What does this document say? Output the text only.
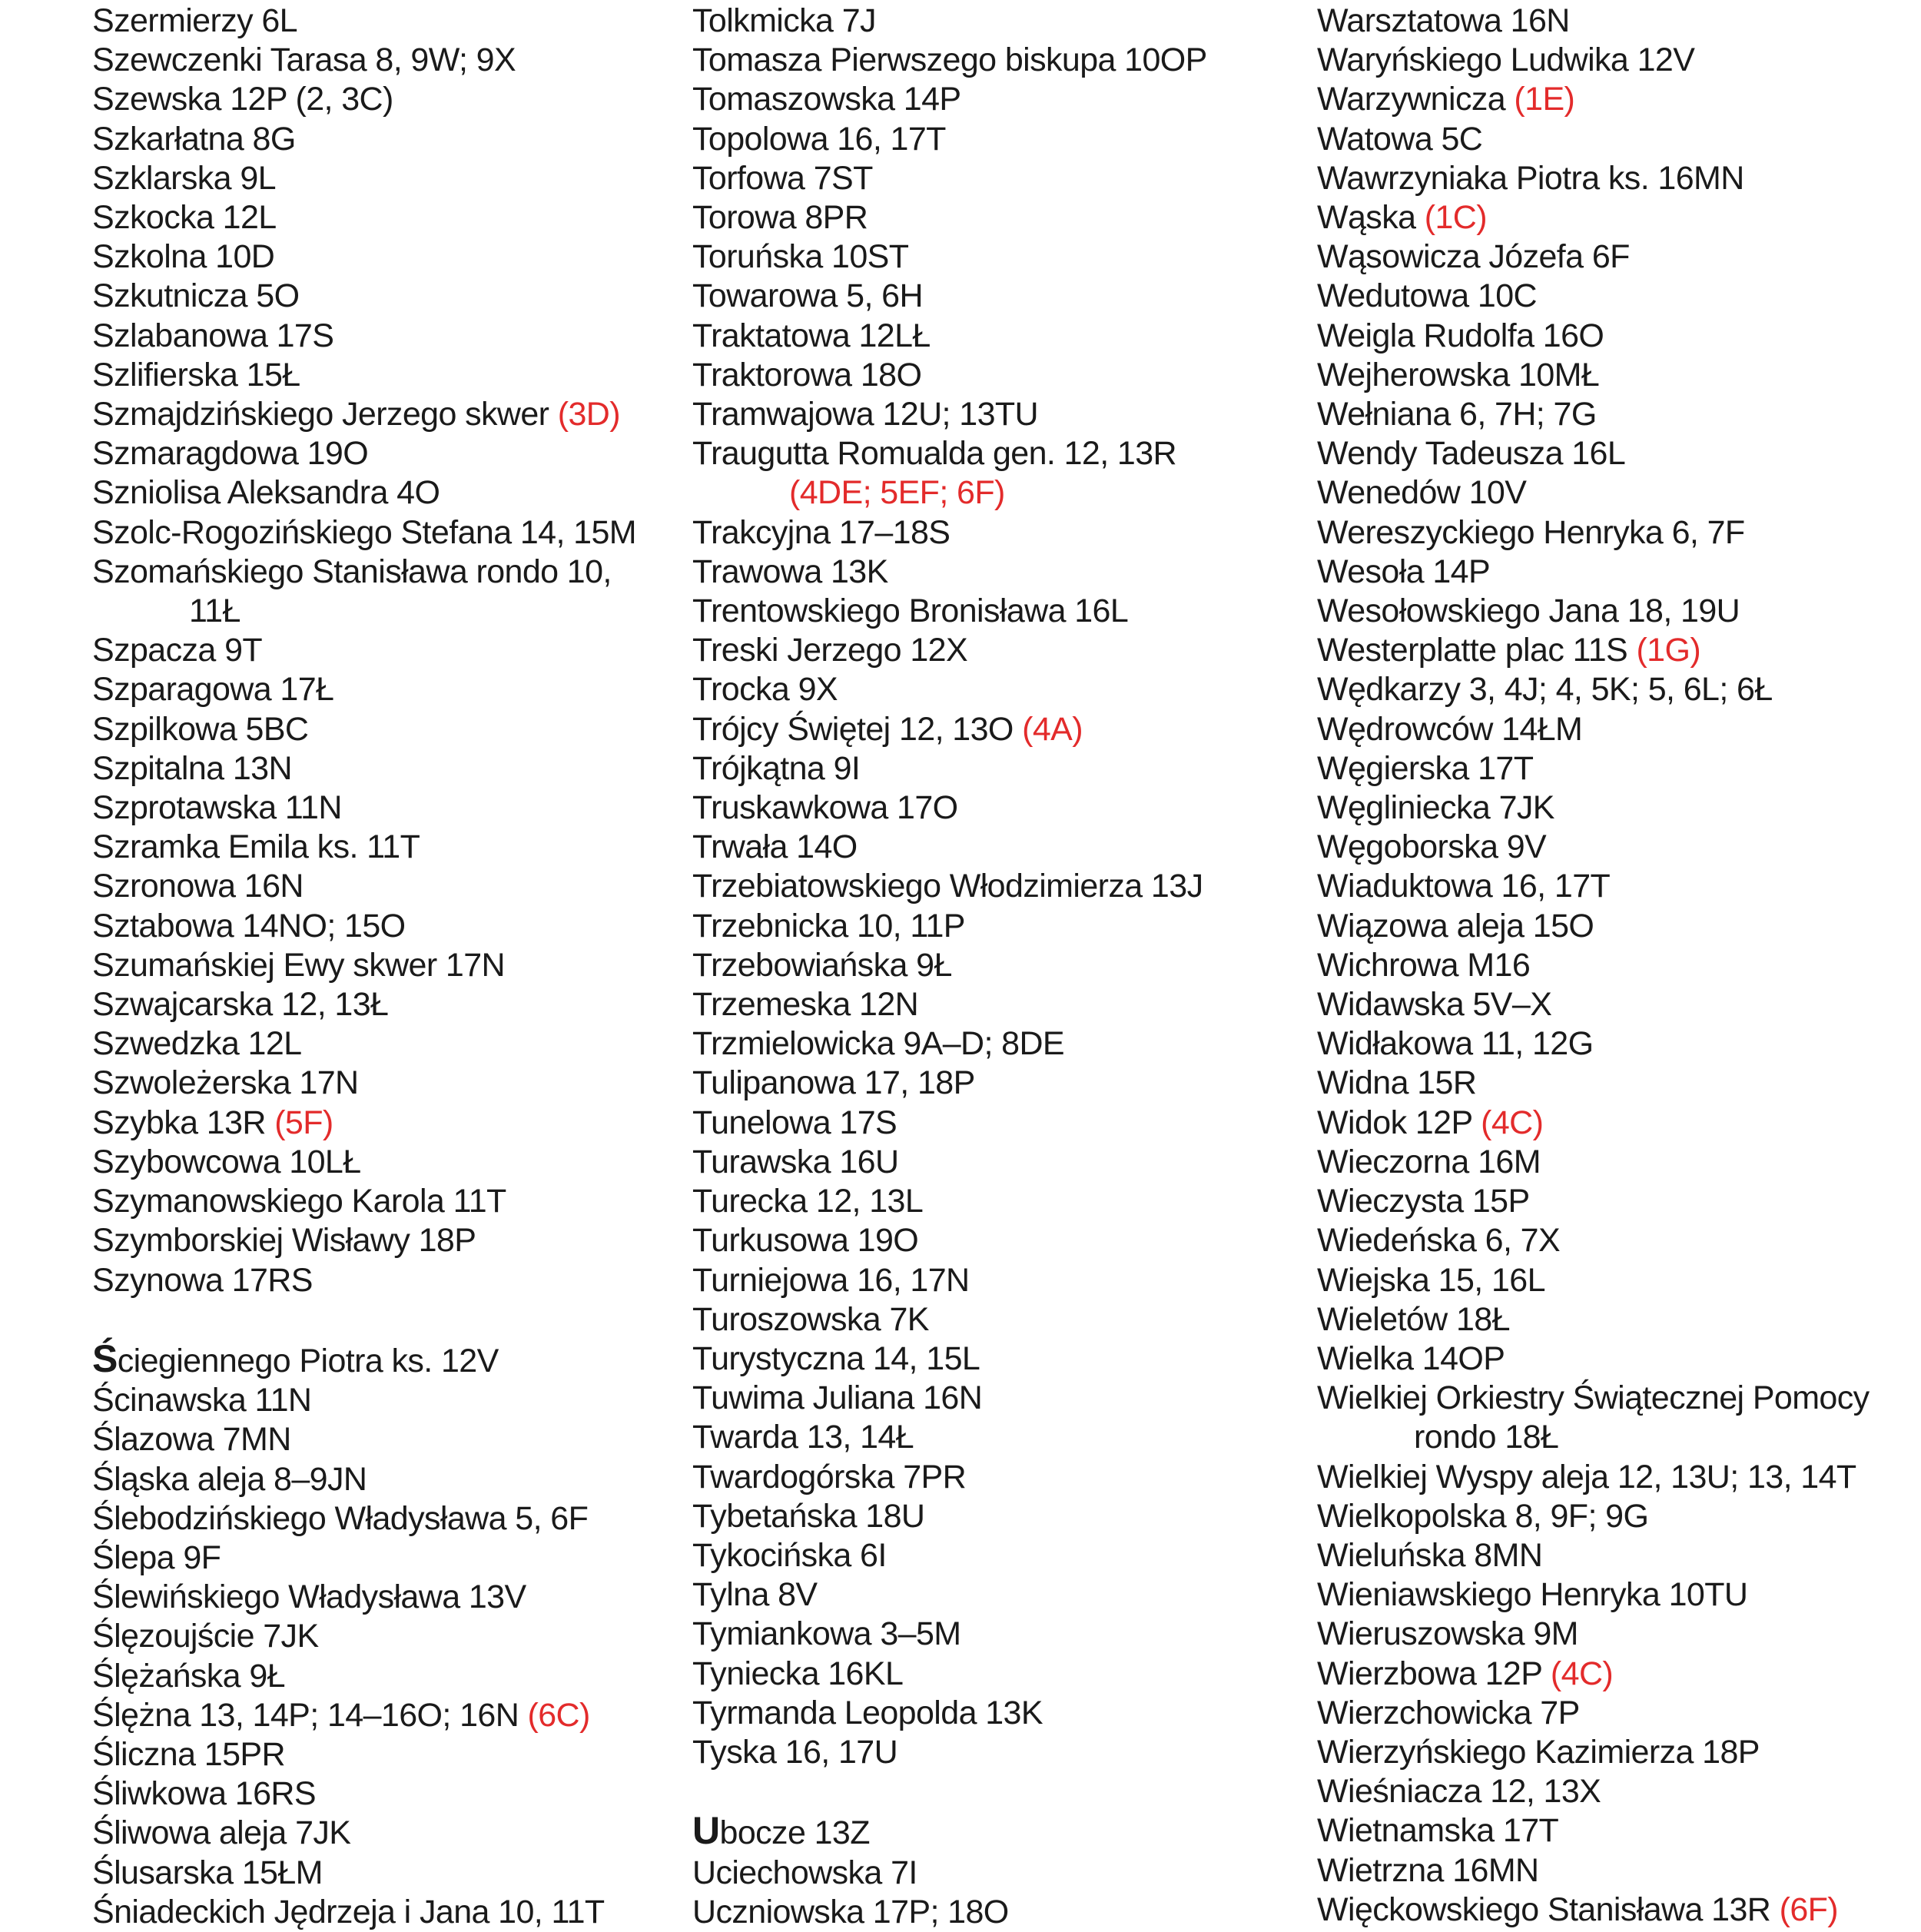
Szermierzy 6L
Szewczenki Tarasa 8, 9W; 9X
Szewska 12P (2, 3C)
Szkarłatna 8G
Szklarska 9L
Szkocka 12L
Szkolna 10D
Szkutnicza 5O
Szlabanowa 17S
Szlifierska 15Ł
Szmajdzińskiego Jerzego skwer (3D)
Szmaragdowa 19O
Szniolisa Aleksandra 4O
Szolc-Rogozińskiego Stefana 14, 15M
Szomańskiego Stanisława rondo 10,
11Ł
Szpacza 9T
Szparagowa 17Ł
Szpilkowa 5BC
Szpitalna 13N
Szprotawska 11N
Szramka Emila ks. 11T
Szronowa 16N
Sztabowa 14NO; 15O
Szumańskiej Ewy skwer 17N
Szwajcarska 12, 13Ł
Szwedzka 12L
Szwoleżerska 17N
Szybka 13R (5F)
Szybowcowa 10LŁ
Szymanowskiego Karola 11T
Szymborskiej Wisławy 18P
Szynowa 17RS
Ściegiennego Piotra ks. 12V
Ścinawska 11N
Ślazowa 7MN
Śląska aleja 8–9JN
Ślebodzińskiego Władysława 5, 6F
Ślepa 9F
Ślewińskiego Władysława 13V
Ślęzoujście 7JK
Ślężańska 9Ł
Ślężna 13, 14P; 14–16O; 16N (6C)
Śliczna 15PR
Śliwkowa 16RS
Śliwowa aleja 7JK
Ślusarska 15ŁM
Śniadeckich Jędrzeja i Jana 10, 11T
Tolkmicka 7J
Tomasza Pierwszego biskupa 10OP
Tomaszowska 14P
Topolowa 16, 17T
Torfowa 7ST
Torowa 8PR
Toruńska 10ST
Towarowa 5, 6H
Traktatowa 12LŁ
Traktorowa 18O
Tramwajowa 12U; 13TU
Traugutta Romualda gen. 12, 13R
(4DE; 5EF; 6F)
Trakcyjna 17–18S
Trawowa 13K
Trentowskiego Bronisława 16L
Treski Jerzego 12X
Trocka 9X
Trójcy Świętej 12, 13O (4A)
Trójkątna 9I
Truskawkowa 17O
Trwała 14O
Trzebiatowskiego Włodzimierza 13J
Trzebnicka 10, 11P
Trzebowiańska 9Ł
Trzemeska 12N
Trzmielowicka 9A–D; 8DE
Tulipanowa 17, 18P
Tunelowa 17S
Turawska 16U
Turecka 12, 13L
Turkusowa 19O
Turniejowa 16, 17N
Turoszowska 7K
Turystyczna 14, 15L
Tuwima Juliana 16N
Twarda 13, 14Ł
Twardogórska 7PR
Tybetańska 18U
Tykocińska 6I
Tylna 8V
Tymiankowa 3–5M
Tyniecka 16KL
Tyrmanda Leopolda 13K
Tyska 16, 17U
Ubocze 13Z
Uciechowska 7I
Uczniowska 17P; 18O
Warsztatowa 16N
Waryńskiego Ludwika 12V
Warzywnicza (1E)
Watowa 5C
Wawrzyniaka Piotra ks. 16MN
Wąska (1C)
Wąsowicza Józefa 6F
Wedutowa 10C
Weigla Rudolfa 16O
Wejherowska 10MŁ
Wełniana 6, 7H; 7G
Wendy Tadeusza 16L
Wenedów 10V
Wereszyckiego Henryka 6, 7F
Wesoła 14P
Wesołowskiego Jana 18, 19U
Westerplatte plac 11S (1G)
Wędkarzy 3, 4J; 4, 5K; 5, 6L; 6Ł
Wędrowców 14ŁM
Węgierska 17T
Węgliniecka 7JK
Węgoborska 9V
Wiaduktowa 16, 17T
Wiązowa aleja 15O
Wichrowa M16
Widawska 5V–X
Widłakowa 11, 12G
Widna 15R
Widok 12P (4C)
Wieczorna 16M
Wieczysta 15P
Wiedeńska 6, 7X
Wiejska 15, 16L
Wieletów 18Ł
Wielka 14OP
Wielkiej Orkiestry Świątecznej Pomocy
rondo 18Ł
Wielkiej Wyspy aleja 12, 13U; 13, 14T
Wielkopolska 8, 9F; 9G
Wieluńska 8MN
Wieniawskiego Henryka 10TU
Wieruszowska 9M
Wierzbowa 12P (4C)
Wierzchowicka 7P
Wierzyńskiego Kazimierza 18P
Wieśniacza 12, 13X
Wietnamska 17T
Wietrzna 16MN
Więckowskiego Stanisława 13R (6F)
